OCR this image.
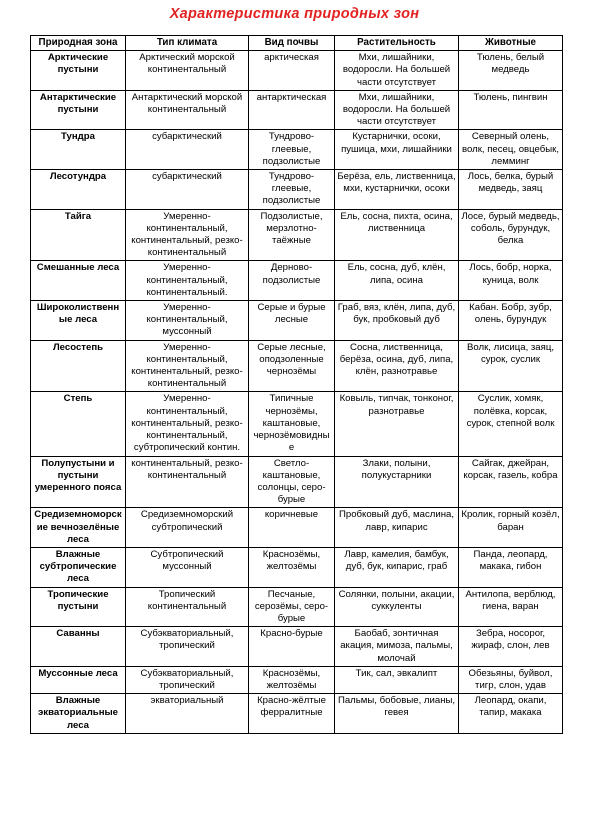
Характеристика природных зон
Природная зона	Тип климата	Вид почвы	Растительность	Животные
Арктические пустыни	Арктический морской континентальный	арктическая	Мхи, лишайники, водоросли. На большей части отсутствует	Тюлень, белый медведь
Антарктические пустыни	Антарктический морской континентальный	антарктическая	Мхи, лишайники, водоросли. На большей части отсутствует	Тюлень, пингвин
Тундра	субарктический	Тундрово-глеевые, подзолистые	Кустарнички, осоки, пушица, мхи, лишайники	Северный олень, волк, песец, овцебык, лемминг
Лесотундра	субарктический	Тундрово-глеевые, подзолистые	Берёза, ель, лиственница, мхи, кустарнички, осоки	Лось, белка, бурый медведь, заяц
Тайга	Умеренно-континентальный, континентальный, резко-континентальный	Подзолистые, мерзлотно-таёжные	Ель, сосна, пихта, осина, лиственница	Лосе, бурый медведь, соболь, бурундук, белка
Смешанные леса	Умеренно-континентальный, континентальный.	Дерново-подзолистые	Ель, сосна, дуб, клён, липа, осина	Лось, бобр, норка, куница, волк
Широколиственные леса	Умеренно-континентальный, муссонный	Серые и бурые лесные	Граб, вяз, клён, липа, дуб, бук, пробковый дуб	Кабан. Бобр, зубр, олень, бурундук
Лесостепь	Умеренно-континентальный, континентальный, резко-континентальный	Серые лесные, оподзоленные чернозёмы	Сосна, лиственница, берёза, осина, дуб, липа, клён, разнотравье	Волк, лисица, заяц, сурок, суслик
Степь	Умеренно-континентальный, континентальный, резко-континентальный, субтропический контин.	Типичные чернозёмы, каштановые, чернозёмовидные	Ковыль, типчак, тонконог, разнотравье	Суслик, хомяк, полёвка, корсак, сурок, степной волк
Полупустыни и пустыни умеренного пояса	континентальный, резко-континентальный	Светло-каштановые, солонцы, серо-бурые	Злаки, полыни, полукустарники	Сайгак, джейран, корсак, газель, кобра
Средиземноморские вечнозелёные леса	Средиземноморский субтропический	коричневые	Пробковый дуб, маслина, лавр, кипарис	Кролик, горный козёл, баран
Влажные субтропические леса	Субтропический муссонный	Краснозёмы, желтозёмы	Лавр, камелия, бамбук, дуб, бук, кипарис, граб	Панда, леопард, макака, гибон
Тропические пустыни	Тропический континентальный	Песчаные, серозёмы, серо-бурые	Солянки, полыни, акации, суккуленты	Антилопа, верблюд, гиена, варан
Саванны	Субэкваториальный, тропический	Красно-бурые	Баобаб, зонтичная акация, мимоза, пальмы, молочай	Зебра, носорог, жираф, слон, лев
Муссонные леса	Субэкваториальный, тропический	Краснозёмы, желтозёмы	Тик, сал, эвкалипт	Обезьяны, буйвол, тигр, слон, удав
Влажные экваториальные леса	экваториальный	Красно-жёлтые ферралитные	Пальмы, бобовые, лианы, гевея	Леопард, окапи, тапир, макака
